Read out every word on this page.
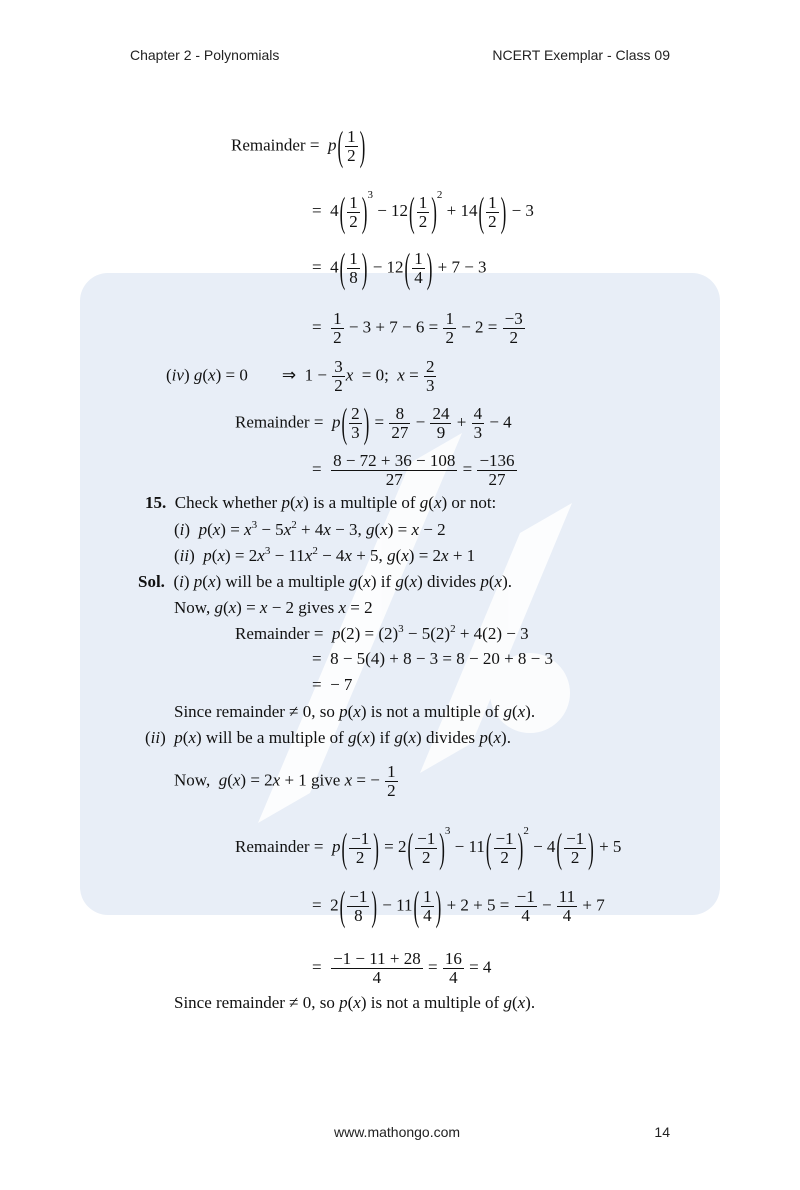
Chapter 2 - Polynomials	NCERT Exemplar - Class 09
Remainder =  $p( \frac{1}{2}$ )
=  $4( \frac{1}{2} )^3 - 12( \frac{1}{2} )^2 + 14( \frac{1}{2}$ ) − 3
=  $4( \frac{1}{8}$ ) − $12( \frac{1}{4}$ ) + 7 − 3
= $\frac{1}{2} - 3 + 7 - 6 = \frac{1}{2} - 2 = \frac{-3}{2}$
(iv) g(x) = 0        ⇒  $1 - \frac{3}{2}$ x  = 0;  $x = \frac{2}{3}$
Remainder =  $p( \frac{2}{3}$ ) = $\frac{8}{27} - \frac{24}{9} + \frac{4}{3} - 4$
= $\frac{8 - 72 + 36 - 108}{27} = \frac{-136}{27}$
15.  Check whether p(x) is a multiple of g(x) or not:
(i)  $p(x) = x^3 - 5x^2 + 4x - 3$, g(x) = x − 2
(ii)  $p(x) = 2x^3 - 11x^2 - 4x + 5$, g(x) = 2x + 1
Sol.  (i) p(x) will be a multiple g(x) if g(x) divides p(x).
Now, g(x) = x − 2 gives x = 2
Remainder =  $p(2) = (2)^3 - 5(2)^2 + 4(2) - 3$
=  8 − 5(4) + 8 − 3 = 8 − 20 + 8 − 3
=  − 7
Since remainder ≠ 0, so p(x) is not a multiple of g(x).
(ii)  p(x) will be a multiple of g(x) if g(x) divides p(x).
Now,  g(x) = 2x + 1 give x = − $\frac{1}{2}$
Remainder =  $p( \frac{-1}{2}$ ) = $2( \frac{-1}{2} )^3 - 11( \frac{-1}{2} )^2 - 4( \frac{-1}{2}$ ) + 5
=  $2( \frac{-1}{8}$ ) − $11( \frac{1}{4}$ ) + $2 + 5 = \frac{-1}{4} - \frac{11}{4} + 7$
= $\frac{-1 - 11 + 28}{4} = \frac{16}{4} = 4$
Since remainder ≠ 0, so p(x) is not a multiple of g(x).
www.mathongo.com	14
